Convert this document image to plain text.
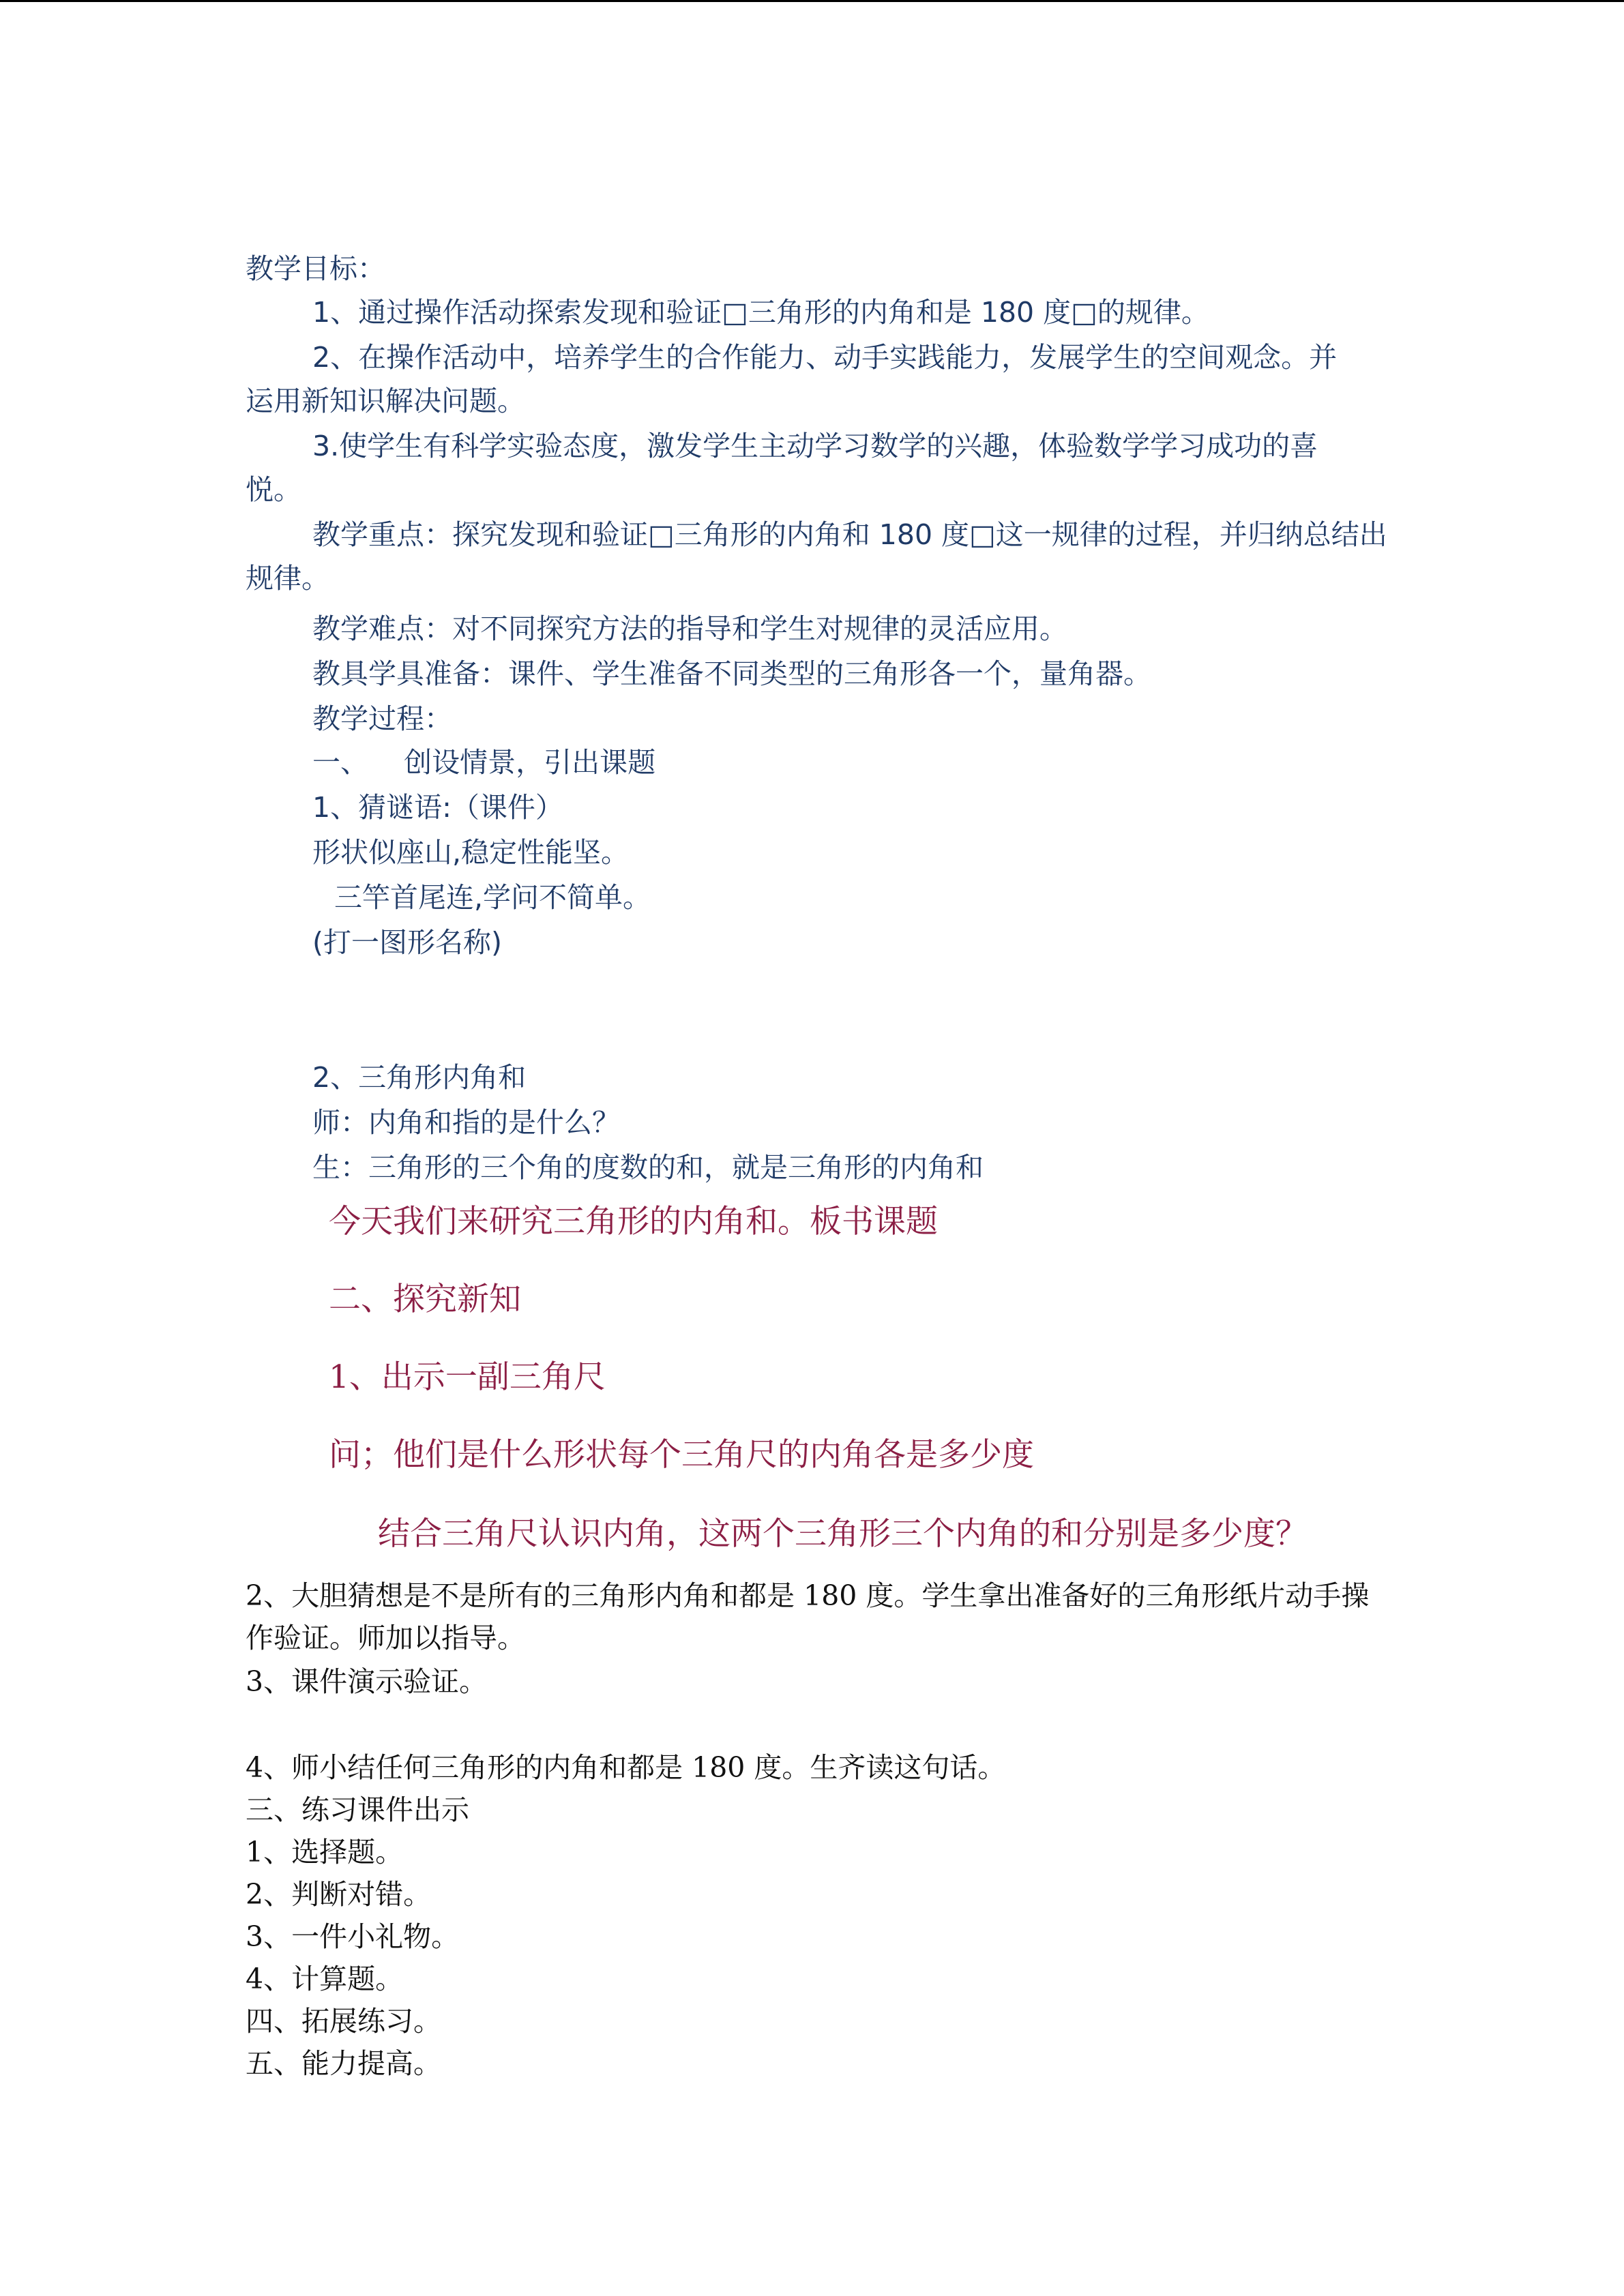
教学目标：
1、通过操作活动探索发现和验证□三角形的内角和是 180 度□的规律。
2、在操作活动中，培养学生的合作能力、动手实践能力，发展学生的空间观念。并
运用新知识解决问题。
3.使学生有科学实验态度，激发学生主动学习数学的兴趣，体验数学学习成功的喜
悦。
教学重点：探究发现和验证□三角形的内角和 180 度□这一规律的过程，并归纳总结出
规律。
教学难点：对不同探究方法的指导和学生对规律的灵活应用。
教具学具准备：课件、学生准备不同类型的三角形各一个，量角器。
教学过程：
一、    创设情景，引出课题
1、猜谜语:（课件）
形状似座山,稳定性能坚。
三竿首尾连,学问不简单。
(打一图形名称)
2、三角形内角和
师：内角和指的是什么？
生：三角形的三个角的度数的和，就是三角形的内角和
今天我们来研究三角形的内角和。板书课题
二、探究新知
1、出示一副三角尺
问；他们是什么形状每个三角尺的内角各是多少度
结合三角尺认识内角，这两个三角形三个内角的和分别是多少度？
2、大胆猜想是不是所有的三角形内角和都是 180 度。学生拿出准备好的三角形纸片动手操
作验证。师加以指导。
3、课件演示验证。
4、师小结任何三角形的内角和都是 180 度。生齐读这句话。
三、练习课件出示
1、选择题。
2、判断对错。
3、一件小礼物。
4、计算题。
四、拓展练习。
五、能力提高。
